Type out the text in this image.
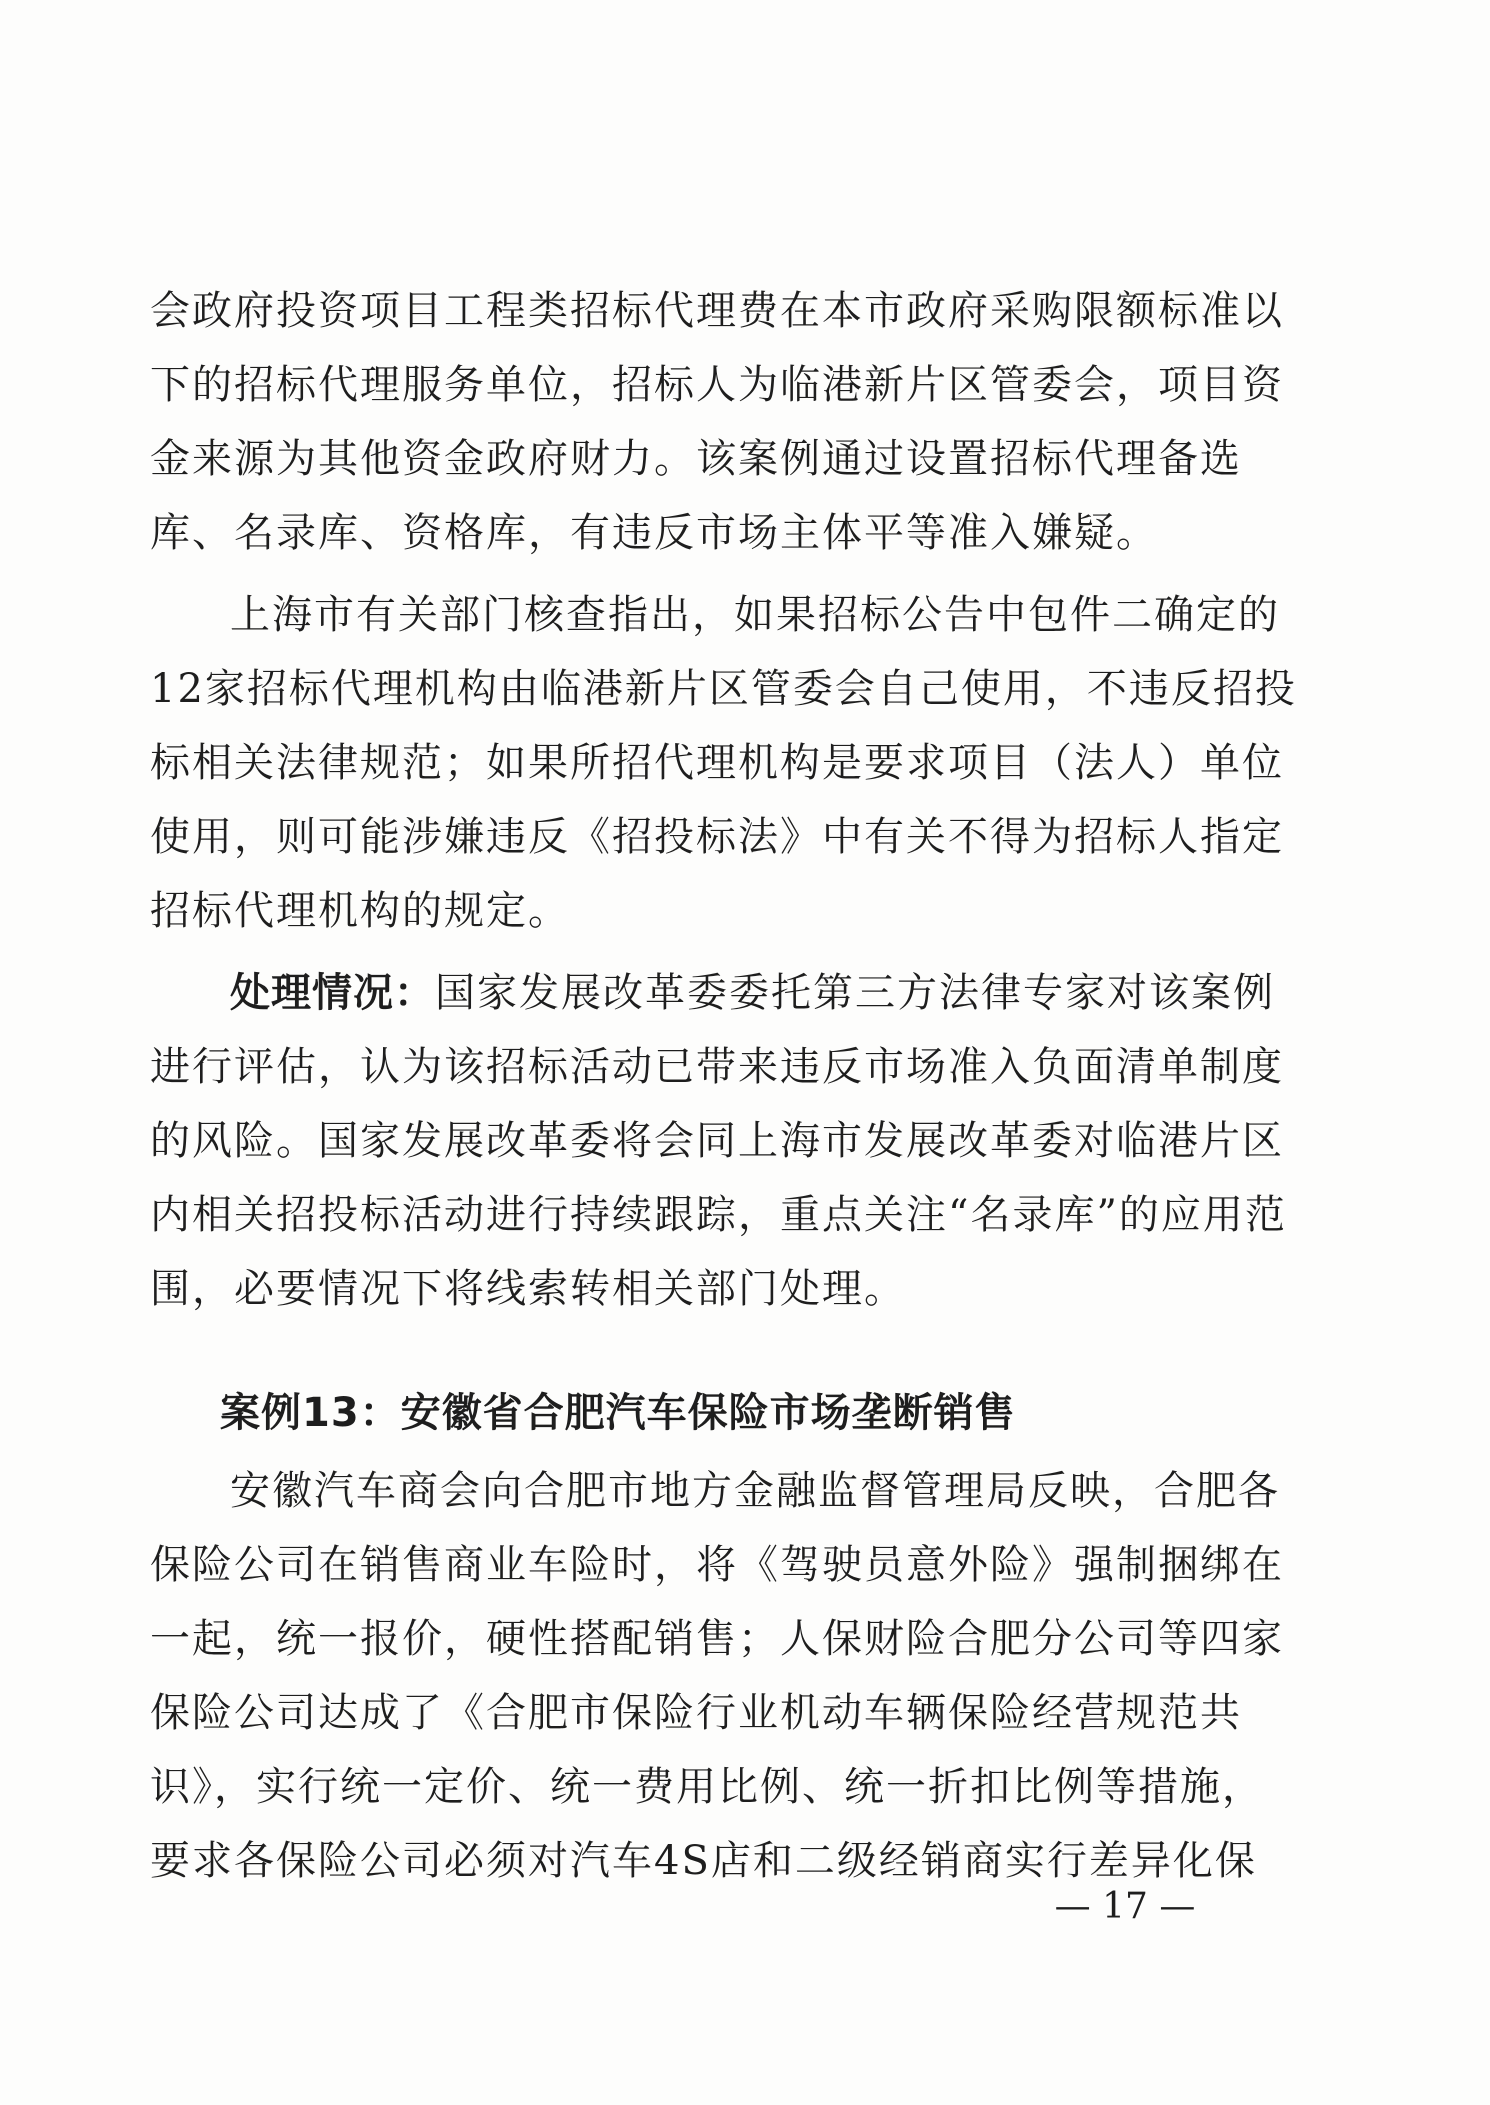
会政府投资项目工程类招标代理费在本市政府采购限额标准以
下的招标代理服务单位，招标人为临港新片区管委会，项目资
金来源为其他资金政府财力。该案例通过设置招标代理备选
库、名录库、资格库，有违反市场主体平等准入嫌疑。
上海市有关部门核查指出，如果招标公告中包件二确定的
12家招标代理机构由临港新片区管委会自己使用，不违反招投
标相关法律规范；如果所招代理机构是要求项目（法人）单位
使用，则可能涉嫌违反《招投标法》中有关不得为招标人指定
招标代理机构的规定。
处理情况：国家发展改革委委托第三方法律专家对该案例
进行评估，认为该招标活动已带来违反市场准入负面清单制度
的风险。国家发展改革委将会同上海市发展改革委对临港片区
内相关招投标活动进行持续跟踪，重点关注“名录库”的应用范
围，必要情况下将线索转相关部门处理。
案例13：安徽省合肥汽车保险市场垄断销售
安徽汽车商会向合肥市地方金融监督管理局反映，合肥各
保险公司在销售商业车险时，将《驾驶员意外险》强制捆绑在
一起，统一报价，硬性搭配销售；人保财险合肥分公司等四家
保险公司达成了《合肥市保险行业机动车辆保险经营规范共
识》，实行统一定价、统一费用比例、统一折扣比例等措施，
要求各保险公司必须对汽车4S店和二级经销商实行差异化保
— 17 —
